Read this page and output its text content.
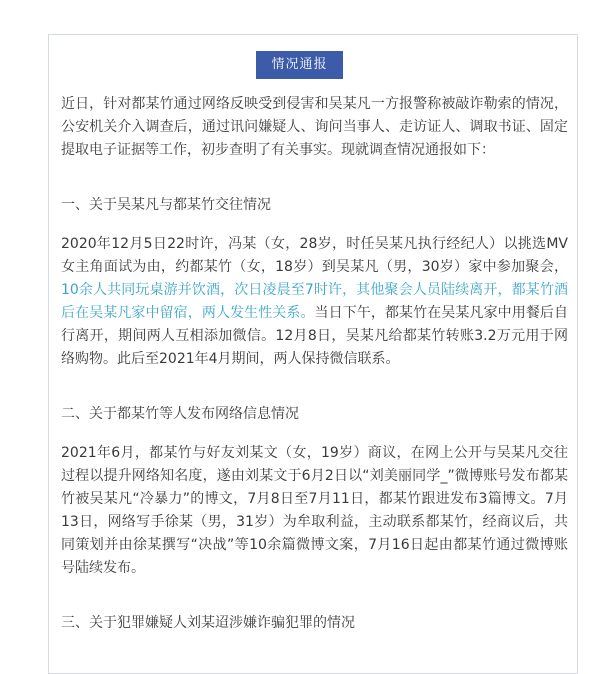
情况通报

近日，针对都某竹通过网络反映受到侵害和吴某凡一方报警称被敲诈勒索的情况，公安机关介入调查后，通过讯问嫌疑人、询问当事人、走访证人、调取书证、固定提取电子证据等工作，初步查明了有关事实。现就调查情况通报如下：

一、关于吴某凡与都某竹交往情况

2020年12月5日22时许，冯某（女，28岁，时任吴某凡执行经纪人）以挑选MV女主角面试为由，约都某竹（女，18岁）到吴某凡（男，30岁）家中参加聚会，10余人共同玩桌游并饮酒，次日凌晨至7时许，其他聚会人员陆续离开，都某竹酒后在吴某凡家中留宿，两人发生性关系。当日下午，都某竹在吴某凡家中用餐后自行离开，期间两人互相添加微信。12月8日，吴某凡给都某竹转账3.2万元用于网络购物。此后至2021年4月期间，两人保持微信联系。

二、关于都某竹等人发布网络信息情况

2021年6月，都某竹与好友刘某文（女，19岁）商议，在网上公开与吴某凡交往过程以提升网络知名度，遂由刘某文于6月2日以“刘美丽同学_”微博账号发布都某竹被吴某凡“冷暴力”的博文，7月8日至7月11日，都某竹跟进发布3篇博文。7月13日，网络写手徐某（男，31岁）为牟取利益，主动联系都某竹，经商议后，共同策划并由徐某撰写“决战”等10余篇微博文案，7月16日起由都某竹通过微博账号陆续发布。

三、关于犯罪嫌疑人刘某迢涉嫌诈骗犯罪的情况
